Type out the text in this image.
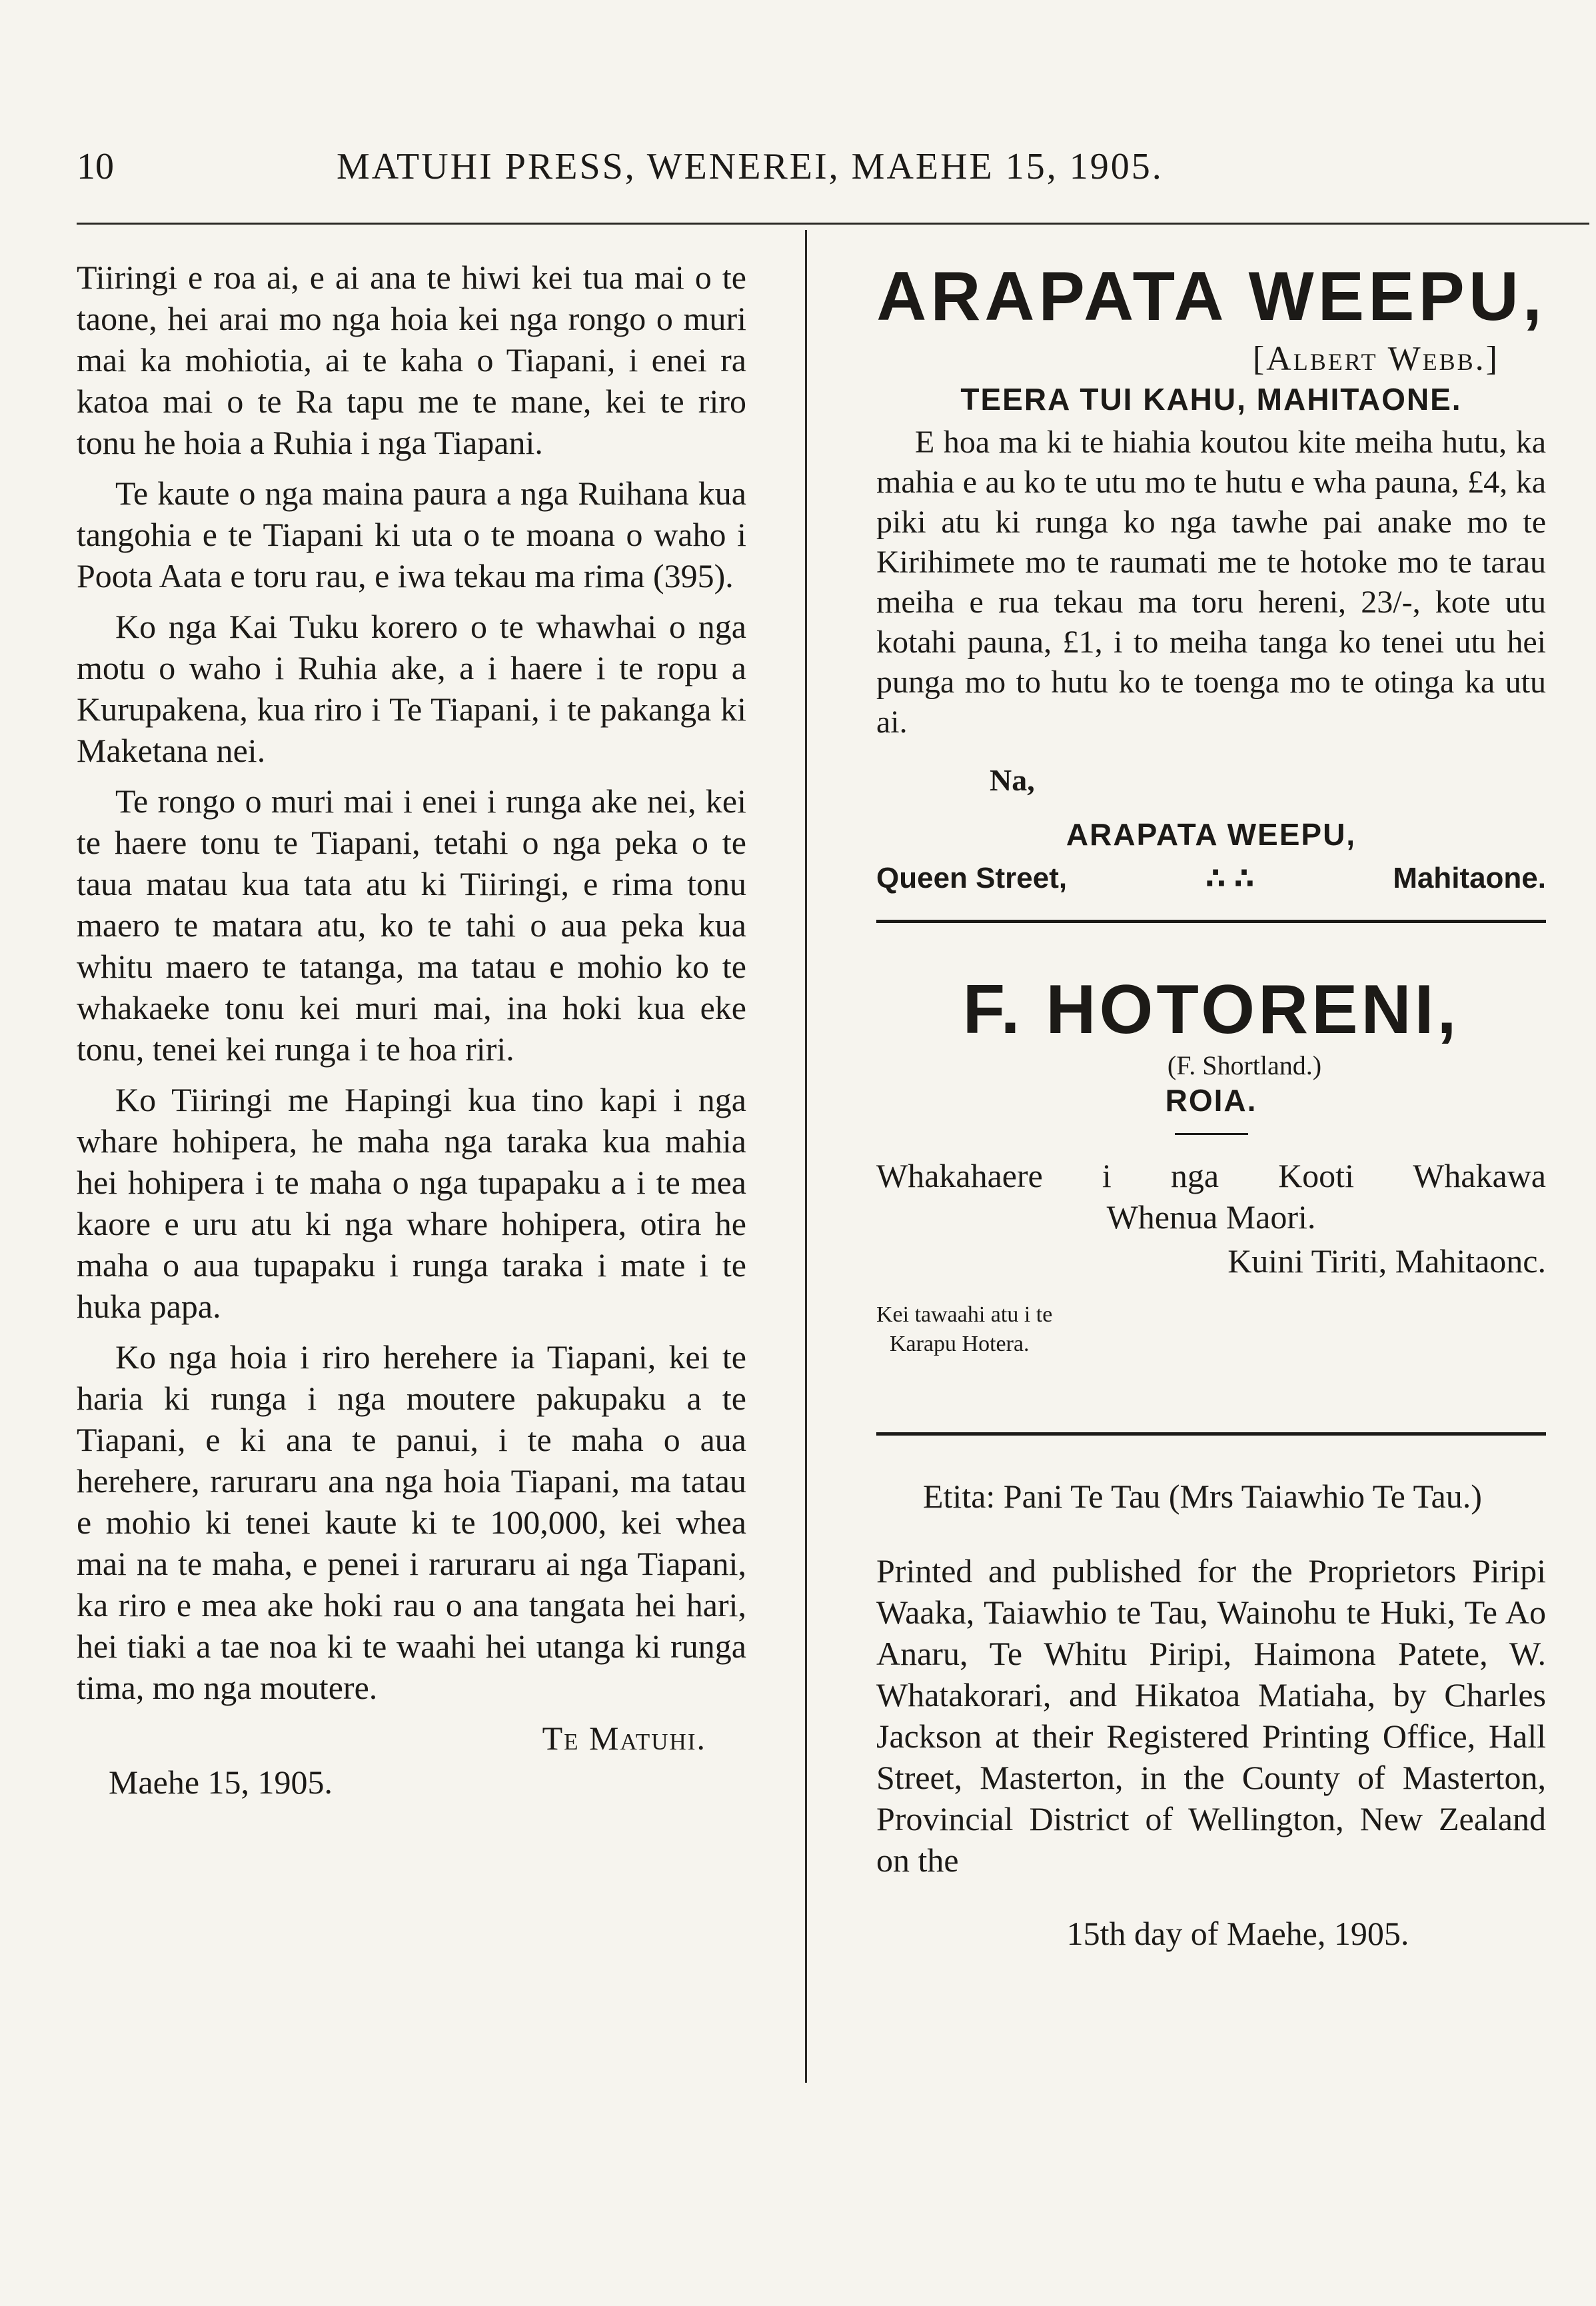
10	MATUHI PRESS, WENEREI, MAEHE 15, 1905.

Tiiringi e roa ai, e ai ana te hiwi kei tua mai o te taone, hei arai mo nga hoia kei nga rongo o muri mai ka mohiotia, ai te kaha o Tiapani, i enei ra katoa mai o te Ra tapu me te mane, kei te riro tonu he hoia a Ruhia i nga Tiapani.

Te kaute o nga maina paura a nga Ruihana kua tangohia e te Tiapani ki uta o te moana o waho i Poota Aata e toru rau, e iwa tekau ma rima (395).

Ko nga Kai Tuku korero o te whawhai o nga motu o waho i Ruhia ake, a i haere i te ropu a Kurupakena, kua riro i Te Tiapani, i te pakanga ki Maketana nei.

Te rongo o muri mai i enei i runga ake nei, kei te haere tonu te Tiapani, tetahi o nga peka o te taua matau kua tata atu ki Tiiringi, e rima tonu maero te matara atu, ko te tahi o aua peka kua whitu maero te tatanga, ma tatau e mohio ko te whakaeke tonu kei muri mai, ina hoki kua eke tonu, tenei kei runga i te hoa riri.

Ko Tiiringi me Hapingi kua tino kapi i nga whare hohipera, he maha nga taraka kua mahia hei hohipera i te maha o nga tupapaku a i te mea kaore e uru atu ki nga whare hohipera, otira he maha o aua tupapaku i runga taraka i mate i te huka papa.

Ko nga hoia i riro herehere ia Tiapani, kei te haria ki runga i nga moutere pakupaku a te Tiapani, e ki ana te panui, i te maha o aua herehere, raruraru ana nga hoia Tiapani, ma tatau e mohio ki tenei kaute ki te 100,000, kei whea mai na te maha, e penei i raruraru ai nga Tiapani, ka riro e mea ake hoki rau o ana tangata hei hari, hei tiaki a tae noa ki te waahi hei utanga ki runga tima, mo nga moutere.

Te Matuhi.
Maehe 15, 1905.
ARAPATA WEEPU,
[Albert Webb.]
TEERA TUI KAHU, MAHITAONE.

E hoa ma ki te hiahia koutou kite meiha hutu, ka mahia e au ko te utu mo te hutu e wha pauna, £4, ka piki atu ki runga ko nga tawhe pai anake mo te Kirihimete mo te raumati me te hotoke mo te tarau meiha e rua tekau ma toru hereni, 23/-, kote utu kotahi pauna, £1, i to meiha tanga ko tenei utu hei punga mo to hutu ko te toenga mo te otinga ka utu ai.

Na,
ARAPATA WEEPU,
Queen Street,	∴ ∴	Mahitaone.
F. HOTORENI,
(F. Shortland.)
ROIA.

Whakahaere i nga Kooti Whakawa
Whenua Maori.

Kuini Tiriti, Mahitaonc.

Kei tawaahi atu i te
Karapu Hotera.

Etita: Pani Te Tau (Mrs Taiawhio Te Tau.)

Printed and published for the Proprietors Piripi Waaka, Taiawhio te Tau, Wainohu te Huki, Te Ao Anaru, Te Whitu Piripi, Haimona Patete, W. Whatakorari, and Hikatoa Matiaha, by Charles Jackson at their Registered Printing Office, Hall Street, Masterton, in the County of Masterton, Provincial District of Wellington, New Zealand on the

15th day of Maehe, 1905.
